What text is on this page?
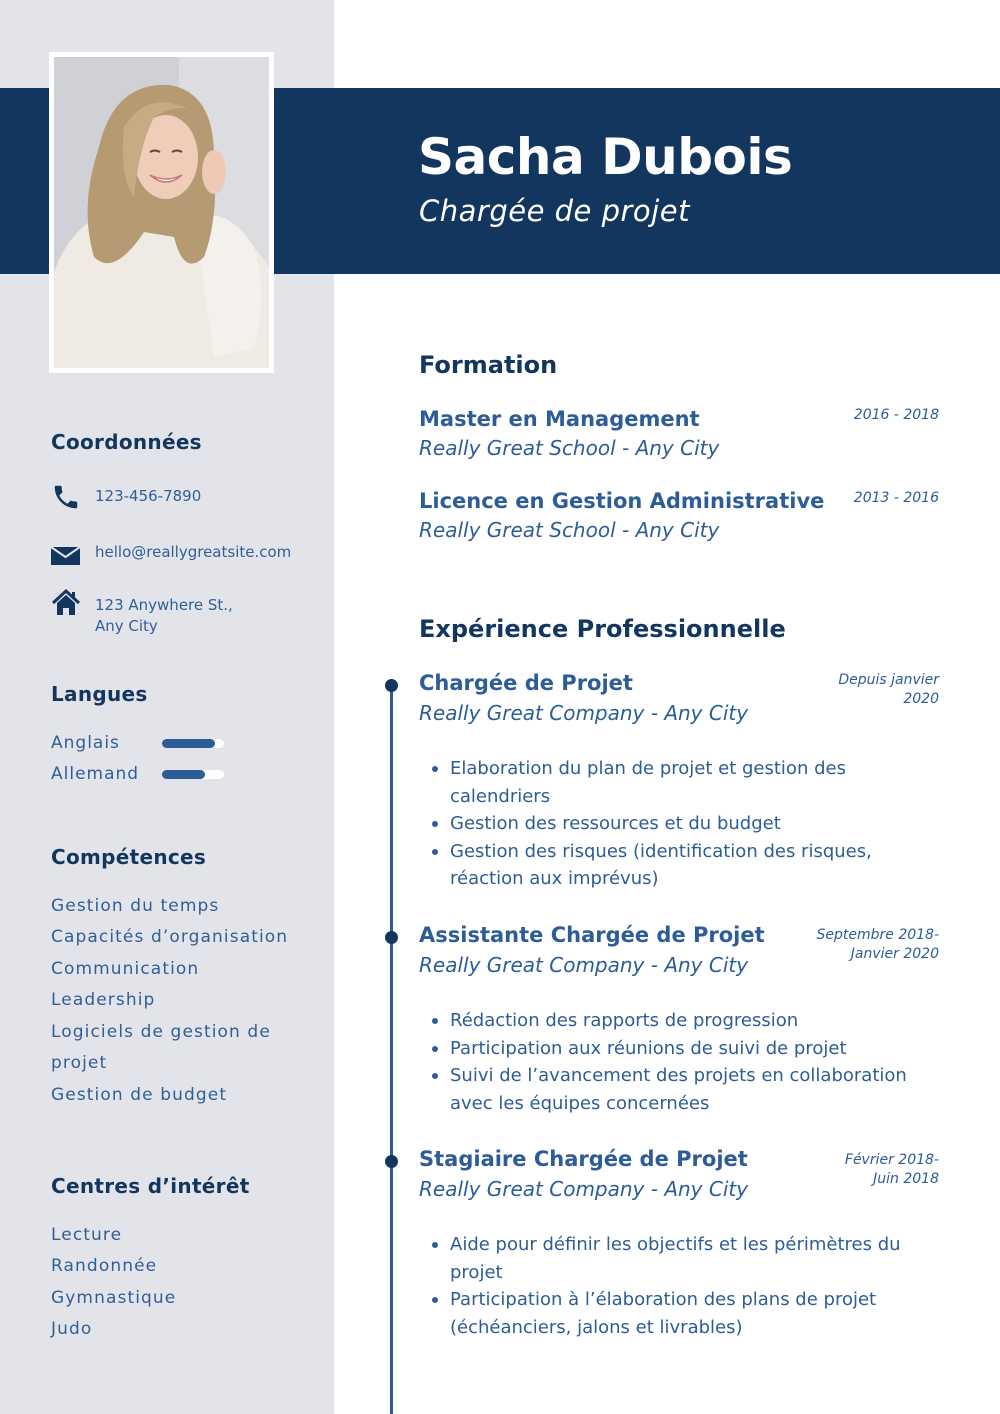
Sacha Dubois
Chargée de projet
Coordonnées
123-456-7890
hello@reallygreatsite.com
123 Anywhere St., Any City
Langues
Anglais
Allemand
Compétences
Gestion du temps
Capacités d’organisation
Communication
Leadership
Logiciels de gestion de
projet
Gestion de budget
Centres d’intérêt
Lecture
Randonnée
Gymnastique
Judo
Formation
Master en Management
Really Great School - Any City
2016 - 2018
Licence en Gestion Administrative
Really Great School - Any City
2013 - 2016
Expérience Professionnelle
Chargée de Projet
Really Great Company - Any City
Depuis janvier
2020
Elaboration du plan de projet et gestion des calendriers
Gestion des ressources et du budget
Gestion des risques (identification des risques, réaction aux imprévus)
Assistante Chargée de Projet
Really Great Company - Any City
Septembre 2018-
Janvier 2020
Rédaction des rapports de progression
Participation aux réunions de suivi de projet
Suivi de l’avancement des projets en collaboration avec les équipes concernées
Stagiaire Chargée de Projet
Really Great Company - Any City
Février 2018-
Juin 2018
Aide pour définir les objectifs et les périmètres du projet
Participation à l’élaboration des plans de projet (échéanciers, jalons et livrables)
